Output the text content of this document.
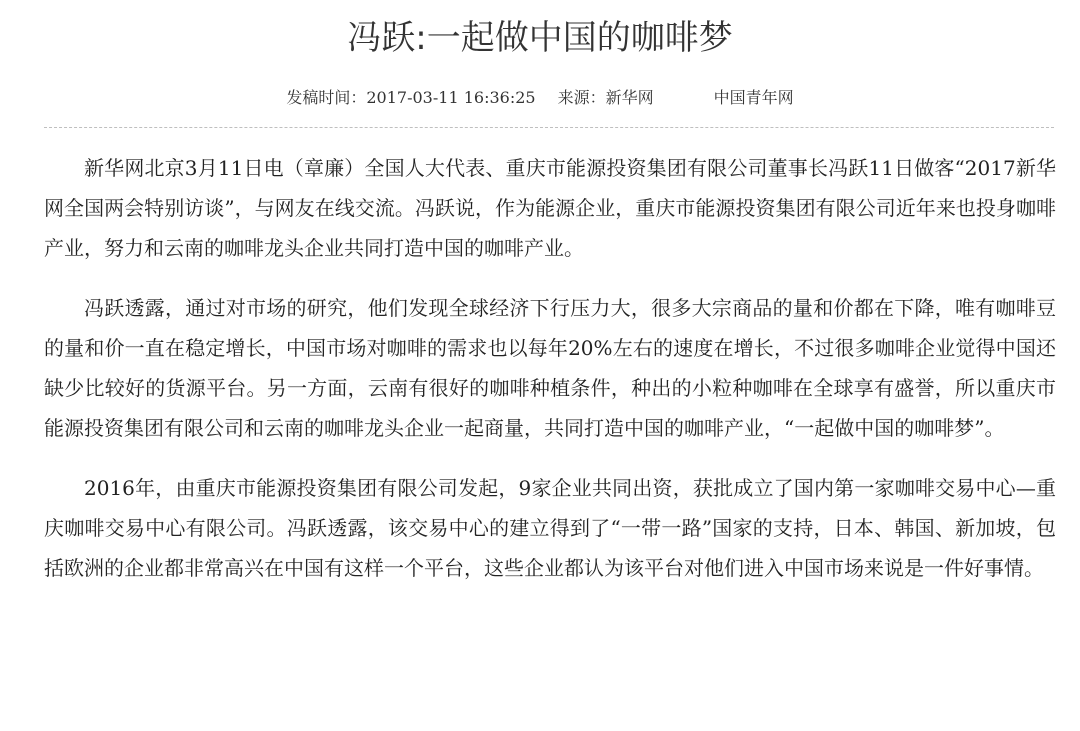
冯跃:一起做中国的咖啡梦
发稿时间：2017-03-11 16:36:25 来源：新华网	中国青年网

新华网北京3月11日电（章廉）全国人大代表、重庆市能源投资集团有限公司董事长冯跃11日做客“2017新华网全国两会特别访谈”，与网友在线交流。冯跃说，作为能源企业，重庆市能源投资集团有限公司近年来也投身咖啡产业，努力和云南的咖啡龙头企业共同打造中国的咖啡产业。

冯跃透露，通过对市场的研究，他们发现全球经济下行压力大，很多大宗商品的量和价都在下降，唯有咖啡豆的量和价一直在稳定增长，中国市场对咖啡的需求也以每年20%左右的速度在增长，不过很多咖啡企业觉得中国还缺少比较好的货源平台。另一方面，云南有很好的咖啡种植条件，种出的小粒种咖啡在全球享有盛誉，所以重庆市能源投资集团有限公司和云南的咖啡龙头企业一起商量，共同打造中国的咖啡产业，“一起做中国的咖啡梦”。

2016年，由重庆市能源投资集团有限公司发起，9家企业共同出资，获批成立了国内第一家咖啡交易中心—重庆咖啡交易中心有限公司。冯跃透露，该交易中心的建立得到了“一带一路”国家的支持，日本、韩国、新加坡，包括欧洲的企业都非常高兴在中国有这样一个平台，这些企业都认为该平台对他们进入中国市场来说是一件好事情。
